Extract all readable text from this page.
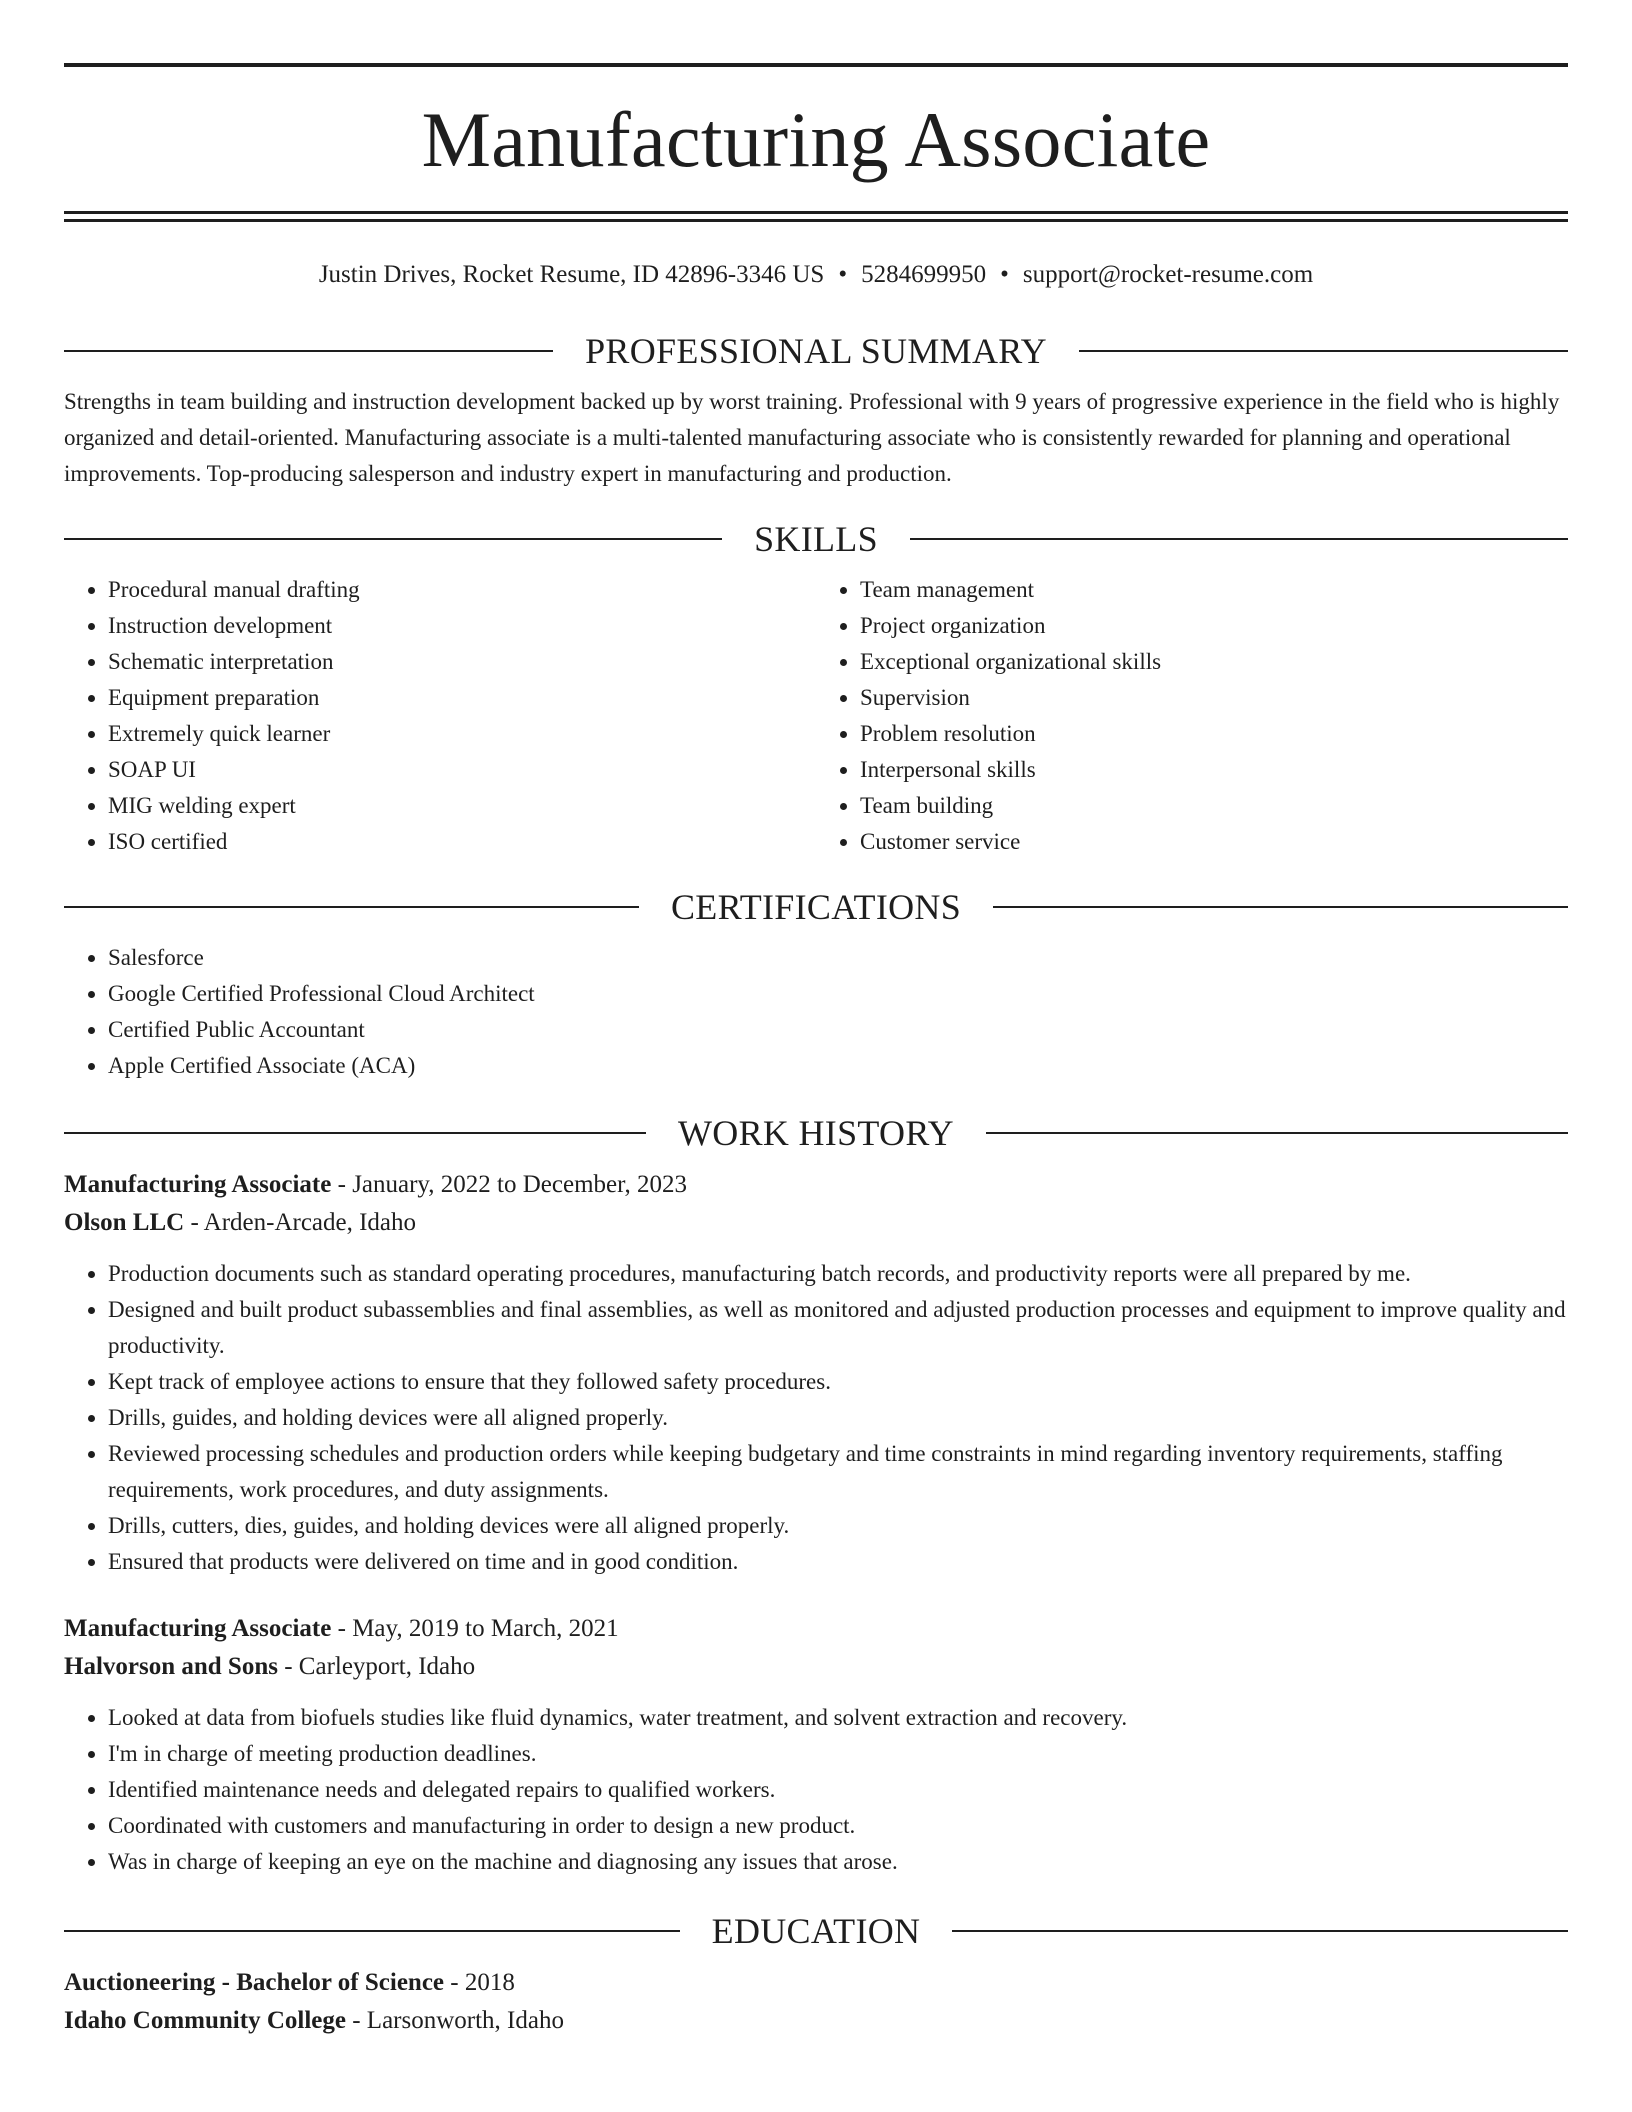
Manufacturing Associate
Justin Drives, Rocket Resume, ID 42896-3346 US • 5284699950 • support@rocket-resume.com
PROFESSIONAL SUMMARY

Strengths in team building and instruction development backed up by worst training. Professional with 9 years of progressive experience in the field who is highly organized and detail-oriented. Manufacturing associate is a multi-talented manufacturing associate who is consistently rewarded for planning and operational improvements. Top-producing salesperson and industry expert in manufacturing and production.

SKILLS
• Procedural manual drafting
• Instruction development
• Schematic interpretation
• Equipment preparation
• Extremely quick learner
• SOAP UI
• MIG welding expert
• ISO certified
• Team management
• Project organization
• Exceptional organizational skills
• Supervision
• Problem resolution
• Interpersonal skills
• Team building
• Customer service
CERTIFICATIONS
• Salesforce
• Google Certified Professional Cloud Architect
• Certified Public Accountant
• Apple Certified Associate (ACA)
WORK HISTORY
Manufacturing Associate - January, 2022 to December, 2023
Olson LLC - Arden-Arcade, Idaho
• Production documents such as standard operating procedures, manufacturing batch records, and productivity reports were all prepared by me.
• Designed and built product subassemblies and final assemblies, as well as monitored and adjusted production processes and equipment to improve quality and productivity.
• Kept track of employee actions to ensure that they followed safety procedures.
• Drills, guides, and holding devices were all aligned properly.
• Reviewed processing schedules and production orders while keeping budgetary and time constraints in mind regarding inventory requirements, staffing requirements, work procedures, and duty assignments.
• Drills, cutters, dies, guides, and holding devices were all aligned properly.
• Ensured that products were delivered on time and in good condition.
Manufacturing Associate - May, 2019 to March, 2021
Halvorson and Sons - Carleyport, Idaho
• Looked at data from biofuels studies like fluid dynamics, water treatment, and solvent extraction and recovery.
• I'm in charge of meeting production deadlines.
• Identified maintenance needs and delegated repairs to qualified workers.
• Coordinated with customers and manufacturing in order to design a new product.
• Was in charge of keeping an eye on the machine and diagnosing any issues that arose.
EDUCATION
Auctioneering - Bachelor of Science - 2018
Idaho Community College - Larsonworth, Idaho
